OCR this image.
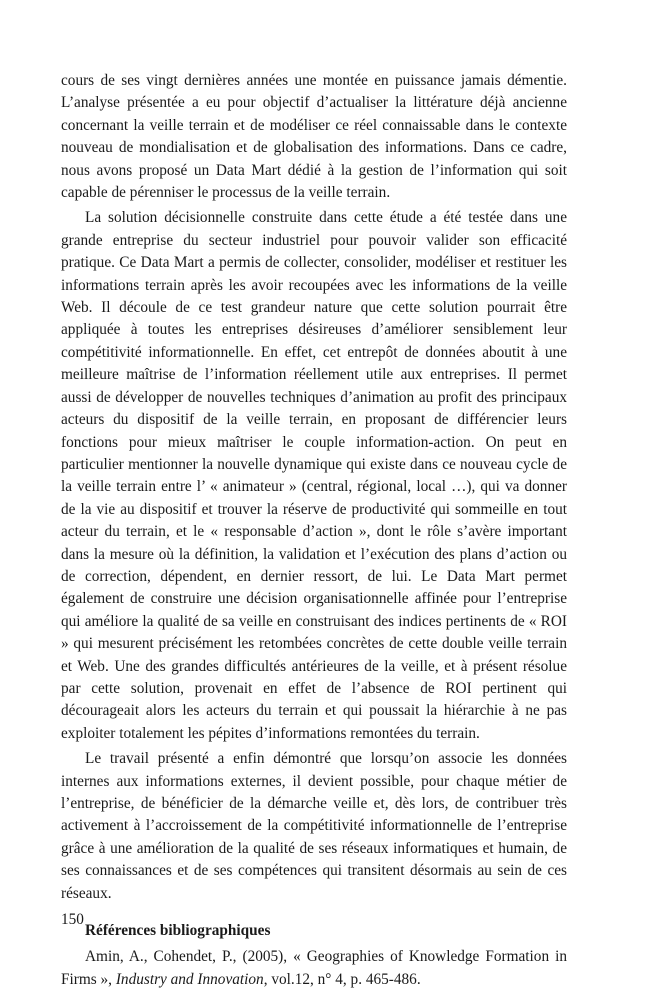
cours de ses vingt dernières années une montée en puissance jamais démentie. L’analyse présentée a eu pour objectif d’actualiser la littérature déjà ancienne concernant la veille terrain et de modéliser ce réel connaissable dans le contexte nouveau de mondialisation et de globalisation des informations. Dans ce cadre, nous avons proposé un Data Mart dédié à la gestion de l’information qui soit capable de pérenniser le processus de la veille terrain.

La solution décisionnelle construite dans cette étude a été testée dans une grande entreprise du secteur industriel pour pouvoir valider son efficacité pratique. Ce Data Mart a permis de collecter, consolider, modéliser et restituer les informations terrain après les avoir recoupées avec les informations de la veille Web. Il découle de ce test grandeur nature que cette solution pourrait être appliquée à toutes les entreprises désireuses d’améliorer sensiblement leur compétitivité informationnelle. En effet, cet entrepôt de données aboutit à une meilleure maîtrise de l’information réellement utile aux entreprises. Il permet aussi de développer de nouvelles techniques d’animation au profit des principaux acteurs du dispositif de la veille terrain, en proposant de différencier leurs fonctions pour mieux maîtriser le couple information-action. On peut en particulier mentionner la nouvelle dynamique qui existe dans ce nouveau cycle de la veille terrain entre l’ « animateur » (central, régional, local …), qui va donner de la vie au dispositif et trouver la réserve de productivité qui sommeille en tout acteur du terrain, et le « responsable d’action », dont le rôle s’avère important dans la mesure où la définition, la validation et l’exécution des plans d’action ou de correction, dépendent, en dernier ressort, de lui. Le Data Mart permet également de construire une décision organisationnelle affinée pour l’entreprise qui améliore la qualité de sa veille en construisant des indices pertinents de « ROI » qui mesurent précisément les retombées concrètes de cette double veille terrain et Web. Une des grandes difficultés antérieures de la veille, et à présent résolue par cette solution, provenait en effet de l’absence de ROI pertinent qui décourageait alors les acteurs du terrain et qui poussait la hiérarchie à ne pas exploiter totalement les pépites d’informations remontées du terrain.

Le travail présenté a enfin démontré que lorsqu’on associe les données internes aux informations externes, il devient possible, pour chaque métier de l’entreprise, de bénéficier de la démarche veille et, dès lors, de contribuer très activement à l’accroissement de la compétitivité informationnelle de l’entreprise grâce à une amélioration de la qualité de ses réseaux informatiques et humain, de ses connaissances et de ses compétences qui transitent désormais au sein de ces réseaux.

Références bibliographiques

Amin, A., Cohendet, P., (2005), « Geographies of Knowledge Formation in Firms », Industry and Innovation, vol.12, n° 4, p. 465-486.

150
